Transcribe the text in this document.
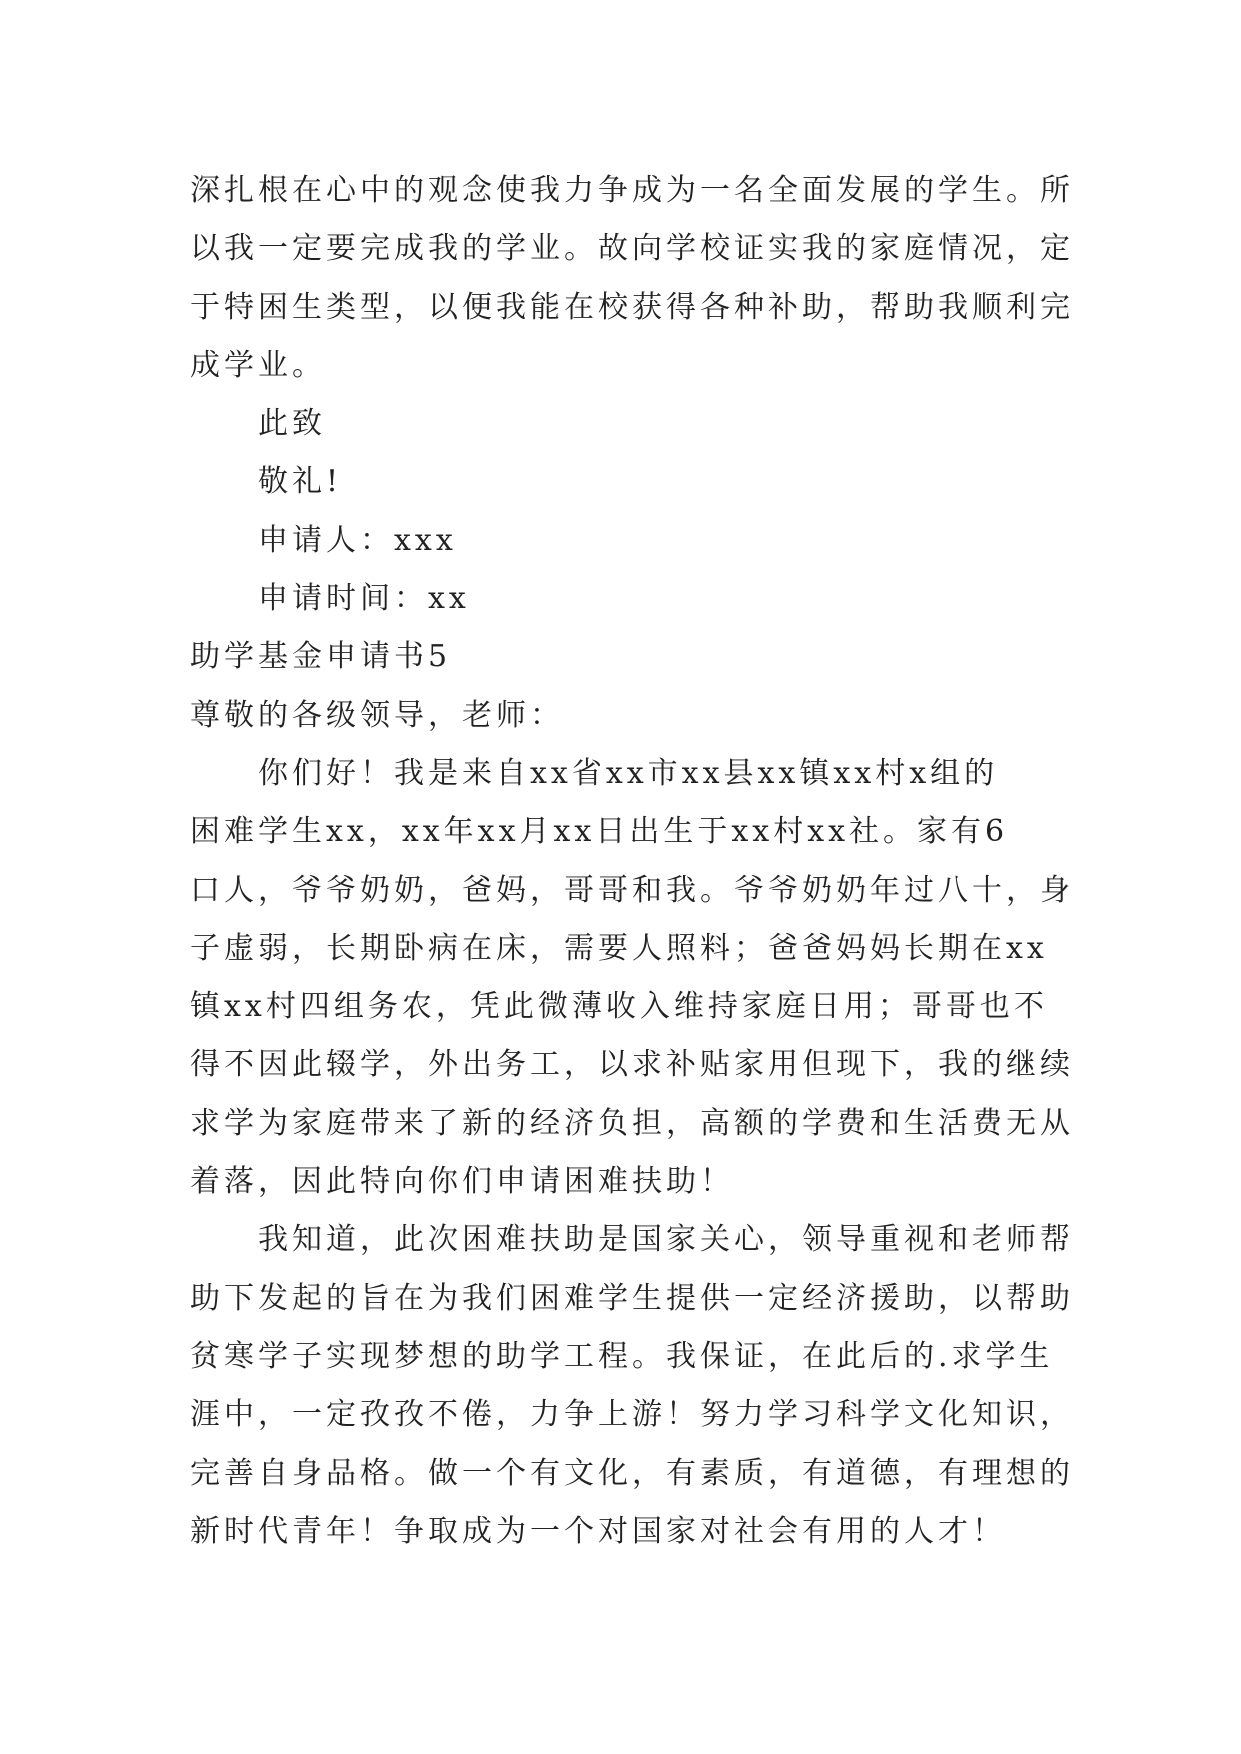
深扎根在心中的观念使我力争成为一名全面发展的学生。所
以我一定要完成我的学业。故向学校证实我的家庭情况，定
于特困生类型，以便我能在校获得各种补助，帮助我顺利完
成学业。
此致
敬礼!
申请人：xxx
申请时间：xx
助学基金申请书5
尊敬的各级领导，老师：
你们好！我是来自xx省xx市xx县xx镇xx村x组的
困难学生xx，xx年xx月xx日出生于xx村xx社。家有6
口人，爷爷奶奶，爸妈，哥哥和我。爷爷奶奶年过八十，身
子虚弱，长期卧病在床，需要人照料；爸爸妈妈长期在xx
镇xx村四组务农，凭此微薄收入维持家庭日用；哥哥也不
得不因此辍学，外出务工，以求补贴家用但现下，我的继续
求学为家庭带来了新的经济负担，高额的学费和生活费无从
着落，因此特向你们申请困难扶助！
我知道，此次困难扶助是国家关心，领导重视和老师帮
助下发起的旨在为我们困难学生提供一定经济援助，以帮助
贫寒学子实现梦想的助学工程。我保证，在此后的.求学生
涯中，一定孜孜不倦，力争上游！努力学习科学文化知识，
完善自身品格。做一个有文化，有素质，有道德，有理想的
新时代青年！争取成为一个对国家对社会有用的人才！
